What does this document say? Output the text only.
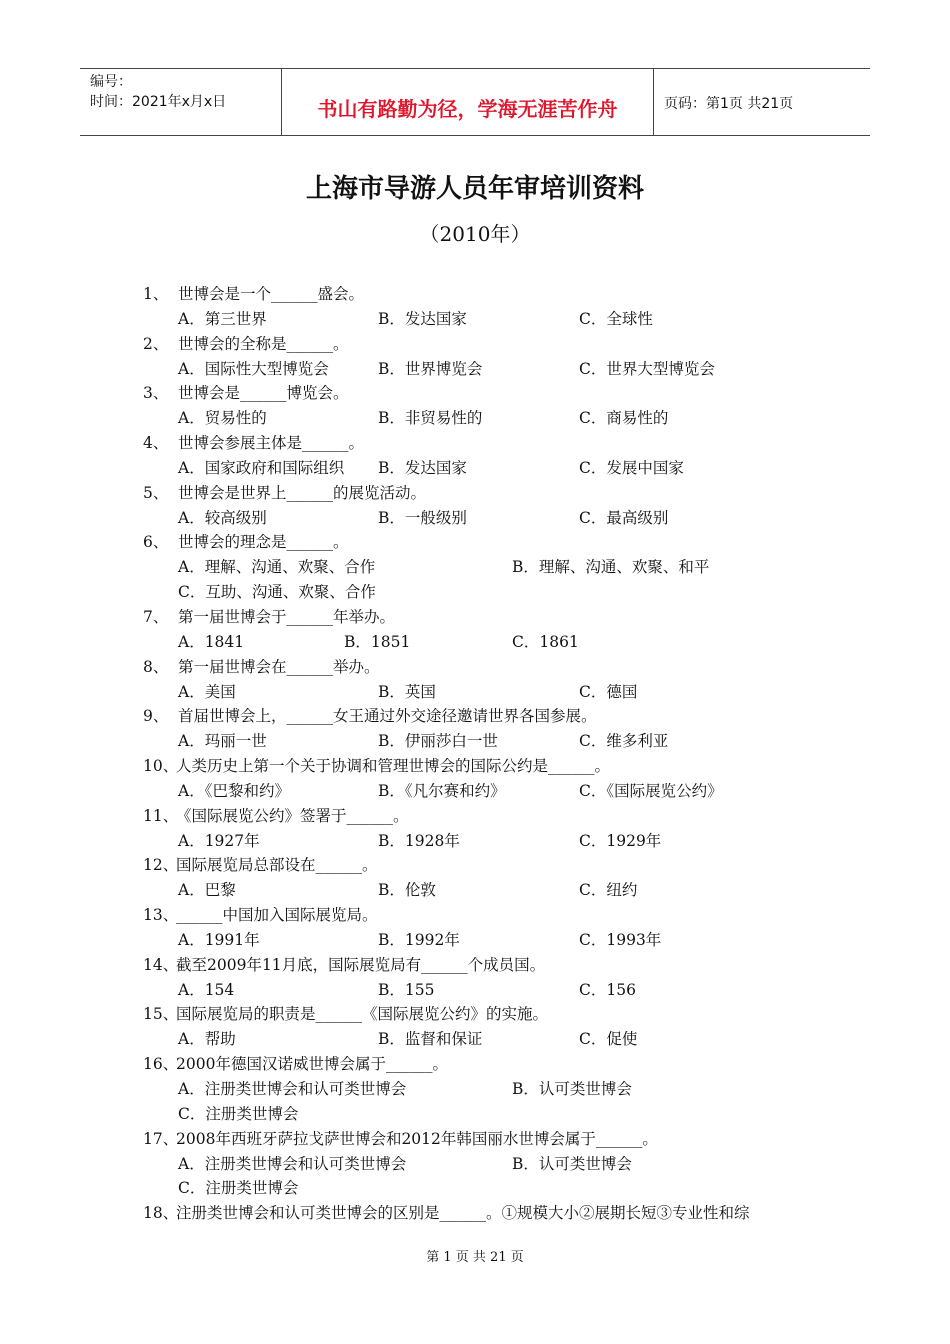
编号：
时间：2021年x月x日	书山有路勤为径，学海无涯苦作舟	页码：第1页 共21页
上海市导游人员年审培训资料
（2010年）
1、 世博会是一个______盛会。
A．第三世界	B．发达国家	C．全球性
2、 世博会的全称是______。
A．国际性大型博览会	B．世界博览会	C．世界大型博览会
3、 世博会是______博览会。
A．贸易性的	B．非贸易性的	C．商易性的
4、 世博会参展主体是______。
A．国家政府和国际组织 B．发达国家	C．发展中国家
5、 世博会是世界上______的展览活动。
A．较高级别	B．一般级别	C．最高级别
6、 世博会的理念是______。
A．理解、沟通、欢聚、合作	B．理解、沟通、欢聚、和平
C．互助、沟通、欢聚、合作
7、 第一届世博会于______年举办。
A．1841	B．1851	C．1861
8、 第一届世博会在______举办。
A．美国	B．英国	C．德国
9、 首届世博会上，______女王通过外交途径邀请世界各国参展。
A．玛丽一世	B．伊丽莎白一世	C．维多利亚
10、
人类历史上第一个关于协调和管理世博会的国际公约是______。
A．《巴黎和约》	B．《凡尔赛和约》	C．《国际展览公约》
11、
《国际展览公约》签署于______。
A．1927年	B．1928年	C．1929年
12、
国际展览局总部设在______。
A．巴黎	B．伦敦	C．纽约
13、
______中国加入国际展览局。
A．1991年	B．1992年	C．1993年
14、
截至2009年11月底，国际展览局有______个成员国。
A．154	B．155	C．156
15、
国际展览局的职责是______《国际展览公约》的实施。
A．帮助	B．监督和保证	C．促使
16、
2000年德国汉诺威世博会属于______。
A．注册类世博会和认可类世博会	B．认可类世博会
C．注册类世博会
17、
2008年西班牙萨拉戈萨世博会和2012年韩国丽水世博会属于______。
A．注册类世博会和认可类世博会	B．认可类世博会
C．注册类世博会
18、
注册类世博会和认可类世博会的区别是______。①规模大小②展期长短③专业性和综
第 1 页 共 21 页
